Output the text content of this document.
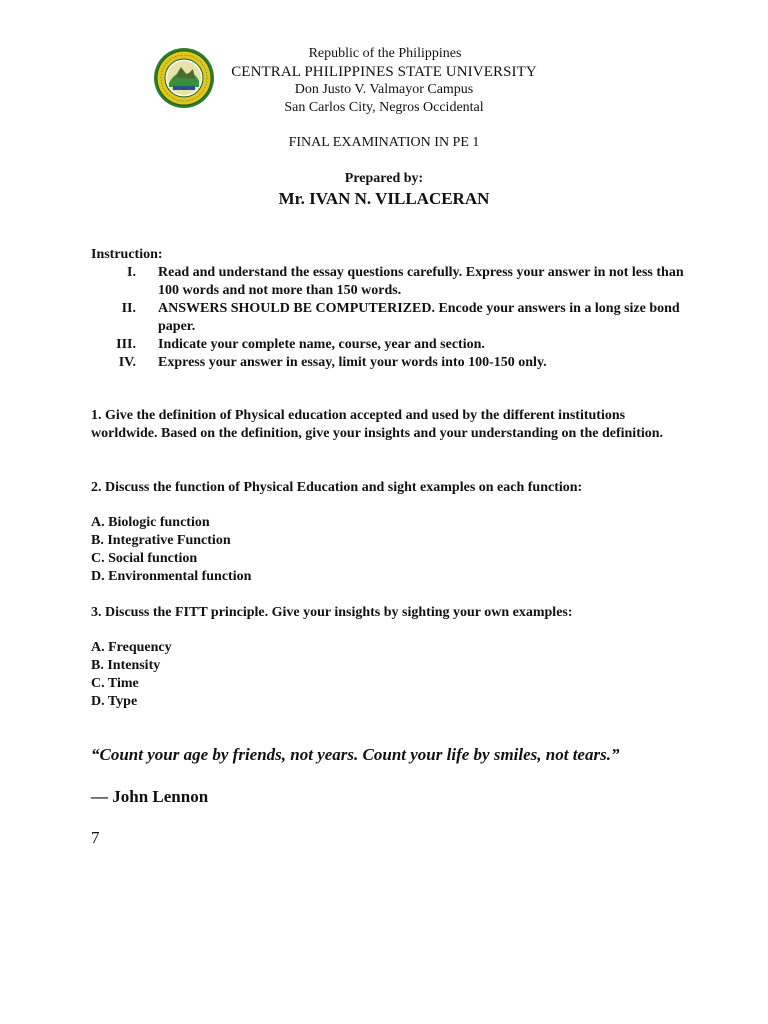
Republic of the Philippines
CENTRAL PHILIPPINES STATE UNIVERSITY
Don Justo V. Valmayor Campus
San Carlos City, Negros Occidental
FINAL EXAMINATION IN PE 1
Prepared by:
Mr. IVAN N. VILLACERAN
Instruction:
I. Read and understand the essay questions carefully. Express your answer in not less than 100 words and not more than 150 words.
II. ANSWERS SHOULD BE COMPUTERIZED. Encode your answers in a long size bond paper.
III. Indicate your complete name, course, year and section.
IV. Express your answer in essay, limit your words into 100-150 only.
1. Give the definition of Physical education accepted and used by the different institutions worldwide. Based on the definition, give your insights and your understanding on the definition.
2. Discuss the function of Physical Education and sight examples on each function:
A. Biologic function
B. Integrative Function
C. Social function
D. Environmental function
3. Discuss the FITT principle. Give your insights by sighting your own examples:
A. Frequency
B. Intensity
C. Time
D. Type
“Count your age by friends, not years. Count your life by smiles, not tears.”
— John Lennon
7
